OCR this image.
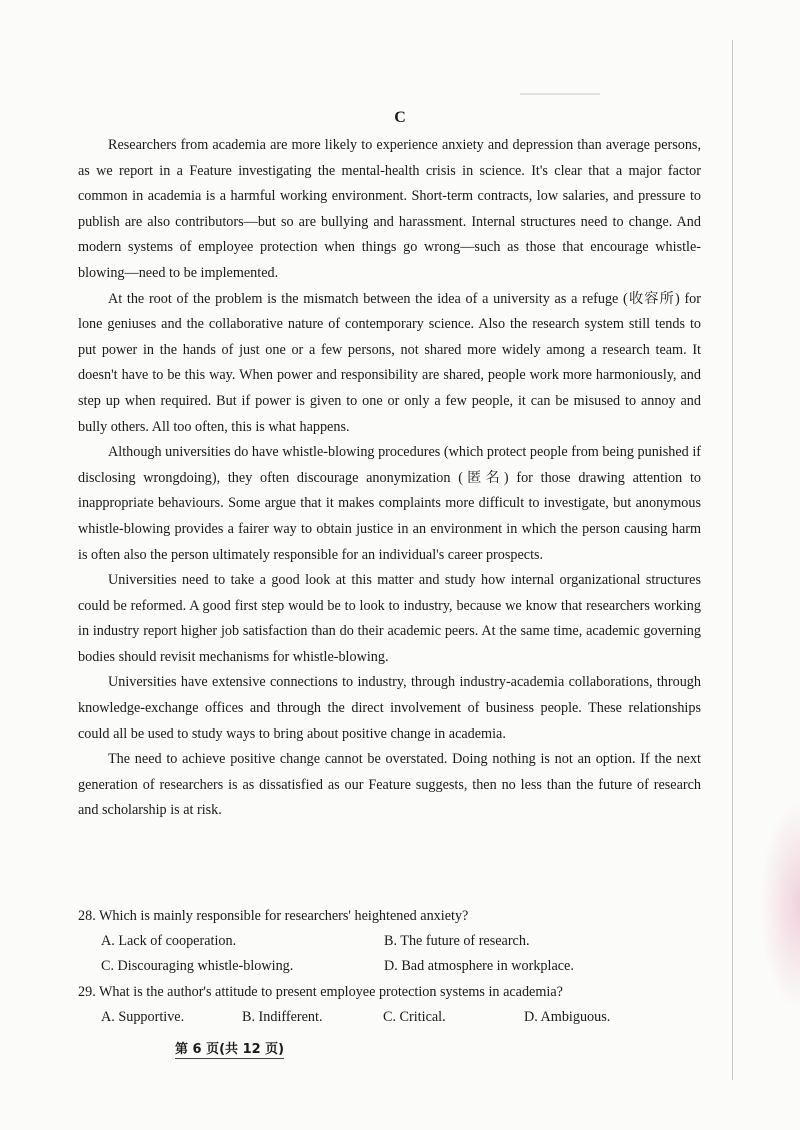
C

Researchers from academia are more likely to experience anxiety and depression than average persons, as we report in a Feature investigating the mental-health crisis in science. It's clear that a major factor common in academia is a harmful working environment. Short-term contracts, low salaries, and pressure to publish are also contributors—but so are bullying and harassment. Internal structures need to change. And modern systems of employee protection when things go wrong—such as those that encourage whistle-blowing—need to be implemented.

At the root of the problem is the mismatch between the idea of a university as a refuge (收容所) for lone geniuses and the collaborative nature of contemporary science. Also the research system still tends to put power in the hands of just one or a few persons, not shared more widely among a research team. It doesn't have to be this way. When power and responsibility are shared, people work more harmoniously, and step up when required. But if power is given to one or only a few people, it can be misused to annoy and bully others. All too often, this is what happens.

Although universities do have whistle-blowing procedures (which protect people from being punished if disclosing wrongdoing), they often discourage anonymization (匿名) for those drawing attention to inappropriate behaviours. Some argue that it makes complaints more difficult to investigate, but anonymous whistle-blowing provides a fairer way to obtain justice in an environment in which the person causing harm is often also the person ultimately responsible for an individual's career prospects.

Universities need to take a good look at this matter and study how internal organizational structures could be reformed. A good first step would be to look to industry, because we know that researchers working in industry report higher job satisfaction than do their academic peers. At the same time, academic governing bodies should revisit mechanisms for whistle-blowing.

Universities have extensive connections to industry, through industry-academia collaborations, through knowledge-exchange offices and through the direct involvement of business people. These relationships could all be used to study ways to bring about positive change in academia.

The need to achieve positive change cannot be overstated. Doing nothing is not an option. If the next generation of researchers is as dissatisfied as our Feature suggests, then no less than the future of research and scholarship is at risk.

28. Which is mainly responsible for researchers' heightened anxiety?

A. Lack of cooperation.	B. The future of research.
C. Discouraging whistle-blowing.	D. Bad atmosphere in workplace.

29. What is the author's attitude to present employee protection systems in academia?

A. Supportive.	B. Indifferent.	C. Critical.	D. Ambiguous.
第 6 页(共 12 页)
